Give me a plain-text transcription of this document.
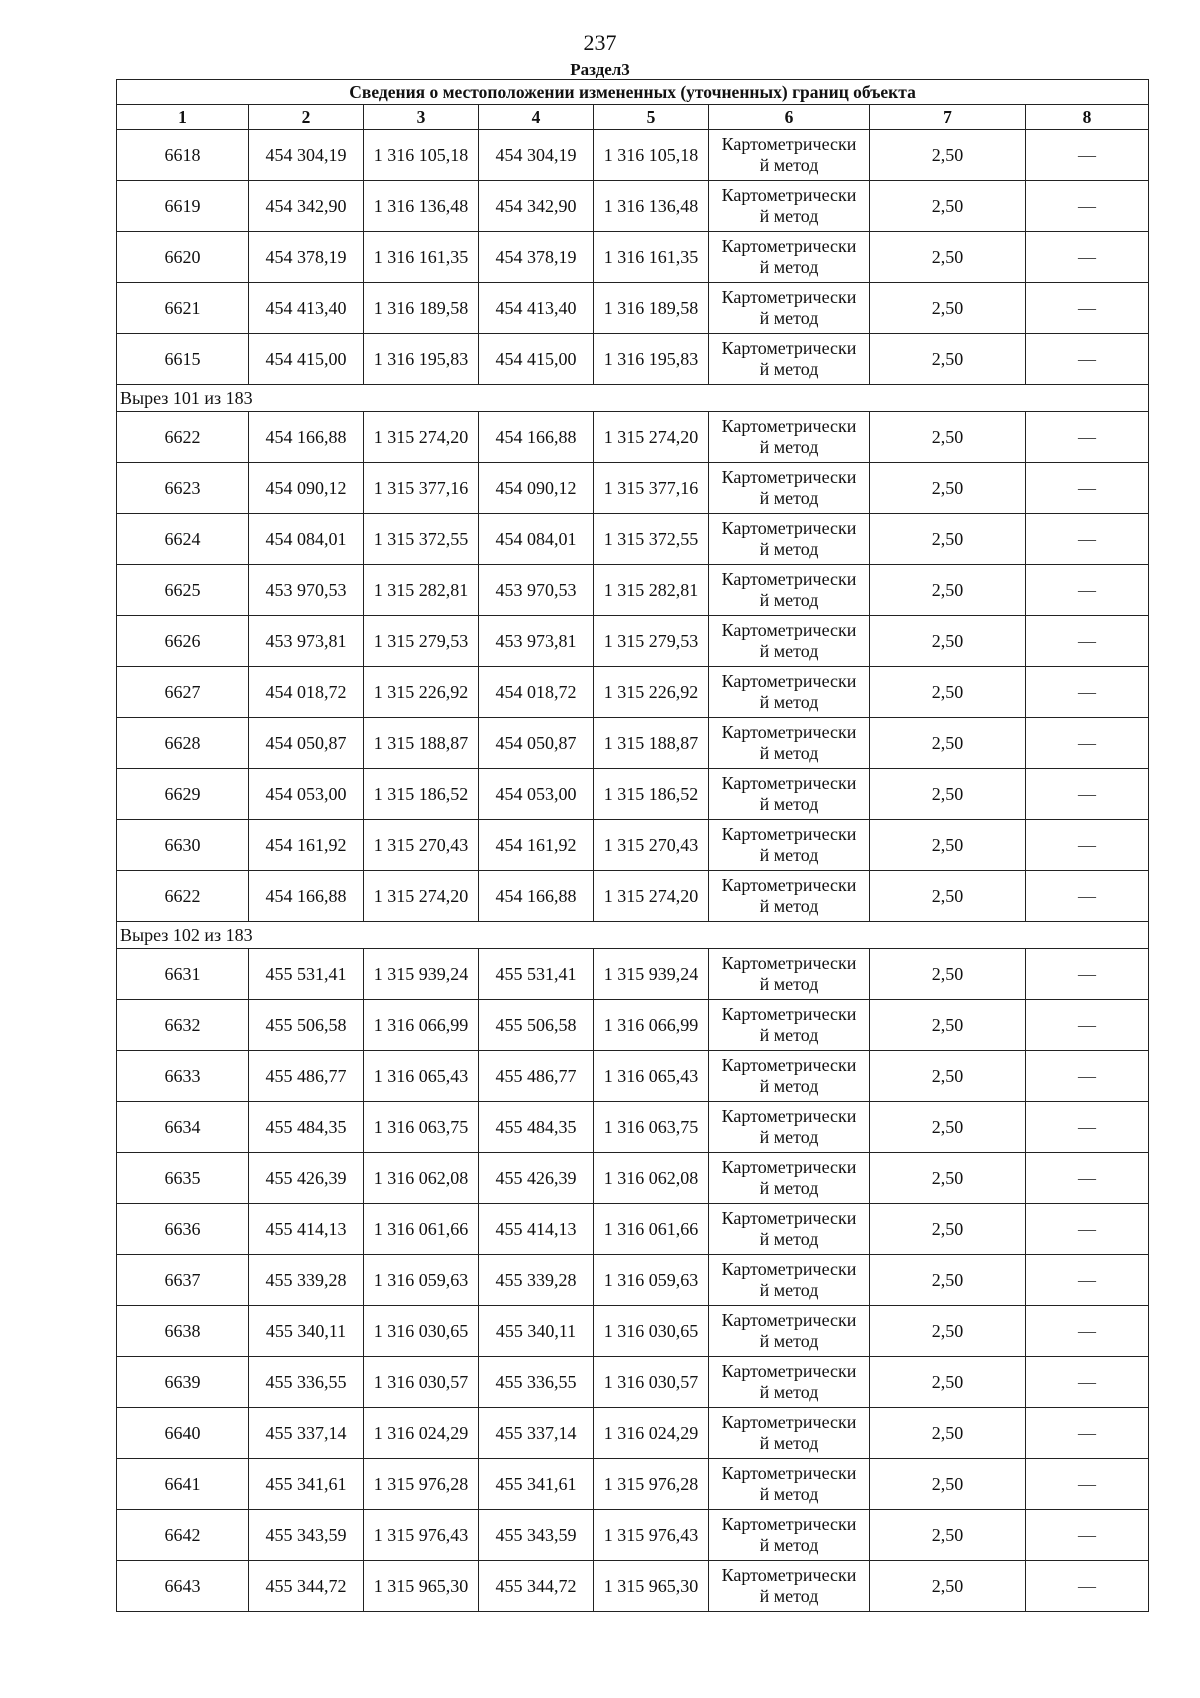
237
Раздел3
Сведения о местоположении измененных (уточненных) границ объекта							
1	2	3	4	5	6	7	8
6618	454 304,19	1 316 105,18	454 304,19	1 316 105,18	Картометрически
й метод	2,50	—
6619	454 342,90	1 316 136,48	454 342,90	1 316 136,48	Картометрически
й метод	2,50	—
6620	454 378,19	1 316 161,35	454 378,19	1 316 161,35	Картометрически
й метод	2,50	—
6621	454 413,40	1 316 189,58	454 413,40	1 316 189,58	Картометрически
й метод	2,50	—
6615	454 415,00	1 316 195,83	454 415,00	1 316 195,83	Картометрически
й метод	2,50	—
Вырез 101 из 183							
6622	454 166,88	1 315 274,20	454 166,88	1 315 274,20	Картометрически
й метод	2,50	—
6623	454 090,12	1 315 377,16	454 090,12	1 315 377,16	Картометрически
й метод	2,50	—
6624	454 084,01	1 315 372,55	454 084,01	1 315 372,55	Картометрически
й метод	2,50	—
6625	453 970,53	1 315 282,81	453 970,53	1 315 282,81	Картометрически
й метод	2,50	—
6626	453 973,81	1 315 279,53	453 973,81	1 315 279,53	Картометрически
й метод	2,50	—
6627	454 018,72	1 315 226,92	454 018,72	1 315 226,92	Картометрически
й метод	2,50	—
6628	454 050,87	1 315 188,87	454 050,87	1 315 188,87	Картометрически
й метод	2,50	—
6629	454 053,00	1 315 186,52	454 053,00	1 315 186,52	Картометрически
й метод	2,50	—
6630	454 161,92	1 315 270,43	454 161,92	1 315 270,43	Картометрически
й метод	2,50	—
6622	454 166,88	1 315 274,20	454 166,88	1 315 274,20	Картометрически
й метод	2,50	—
Вырез 102 из 183							
6631	455 531,41	1 315 939,24	455 531,41	1 315 939,24	Картометрически
й метод	2,50	—
6632	455 506,58	1 316 066,99	455 506,58	1 316 066,99	Картометрически
й метод	2,50	—
6633	455 486,77	1 316 065,43	455 486,77	1 316 065,43	Картометрически
й метод	2,50	—
6634	455 484,35	1 316 063,75	455 484,35	1 316 063,75	Картометрически
й метод	2,50	—
6635	455 426,39	1 316 062,08	455 426,39	1 316 062,08	Картометрически
й метод	2,50	—
6636	455 414,13	1 316 061,66	455 414,13	1 316 061,66	Картометрически
й метод	2,50	—
6637	455 339,28	1 316 059,63	455 339,28	1 316 059,63	Картометрически
й метод	2,50	—
6638	455 340,11	1 316 030,65	455 340,11	1 316 030,65	Картометрически
й метод	2,50	—
6639	455 336,55	1 316 030,57	455 336,55	1 316 030,57	Картометрически
й метод	2,50	—
6640	455 337,14	1 316 024,29	455 337,14	1 316 024,29	Картометрически
й метод	2,50	—
6641	455 341,61	1 315 976,28	455 341,61	1 315 976,28	Картометрически
й метод	2,50	—
6642	455 343,59	1 315 976,43	455 343,59	1 315 976,43	Картометрически
й метод	2,50	—
6643	455 344,72	1 315 965,30	455 344,72	1 315 965,30	Картометрически
й метод	2,50	—
